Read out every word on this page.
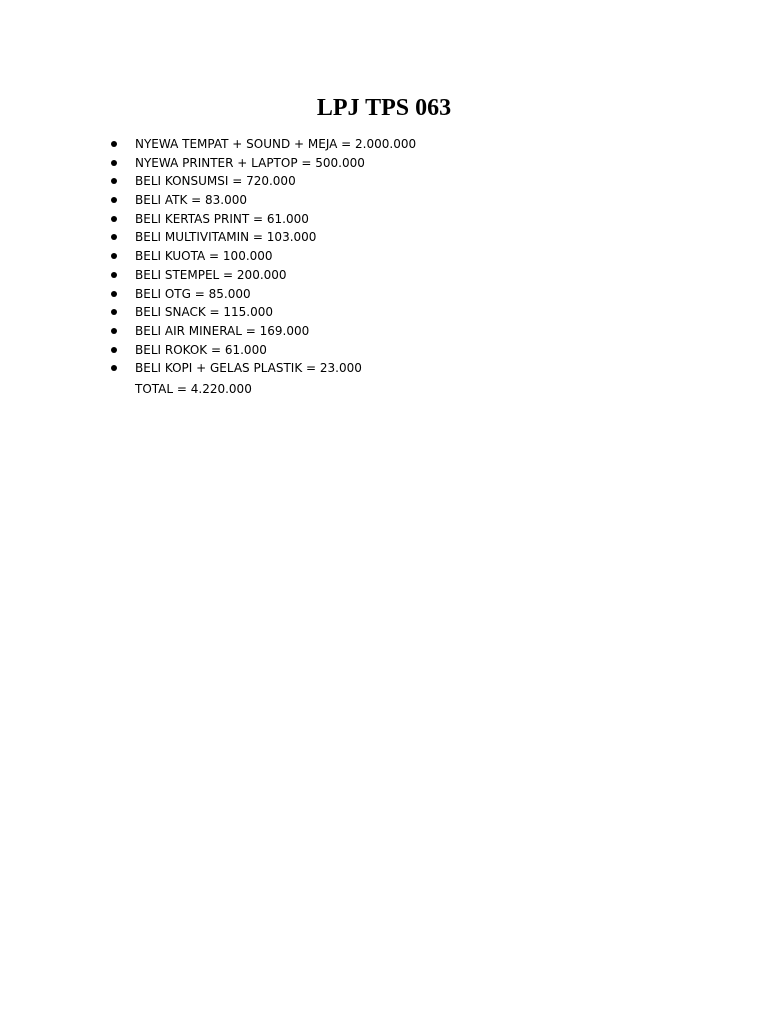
LPJ TPS 063
NYEWA TEMPAT + SOUND + MEJA = 2.000.000
NYEWA PRINTER + LAPTOP = 500.000
BELI KONSUMSI = 720.000
BELI ATK = 83.000
BELI KERTAS PRINT = 61.000
BELI MULTIVITAMIN = 103.000
BELI KUOTA = 100.000
BELI STEMPEL = 200.000
BELI OTG = 85.000
BELI SNACK = 115.000
BELI AIR MINERAL = 169.000
BELI ROKOK = 61.000
BELI KOPI + GELAS PLASTIK = 23.000
TOTAL = 4.220.000
